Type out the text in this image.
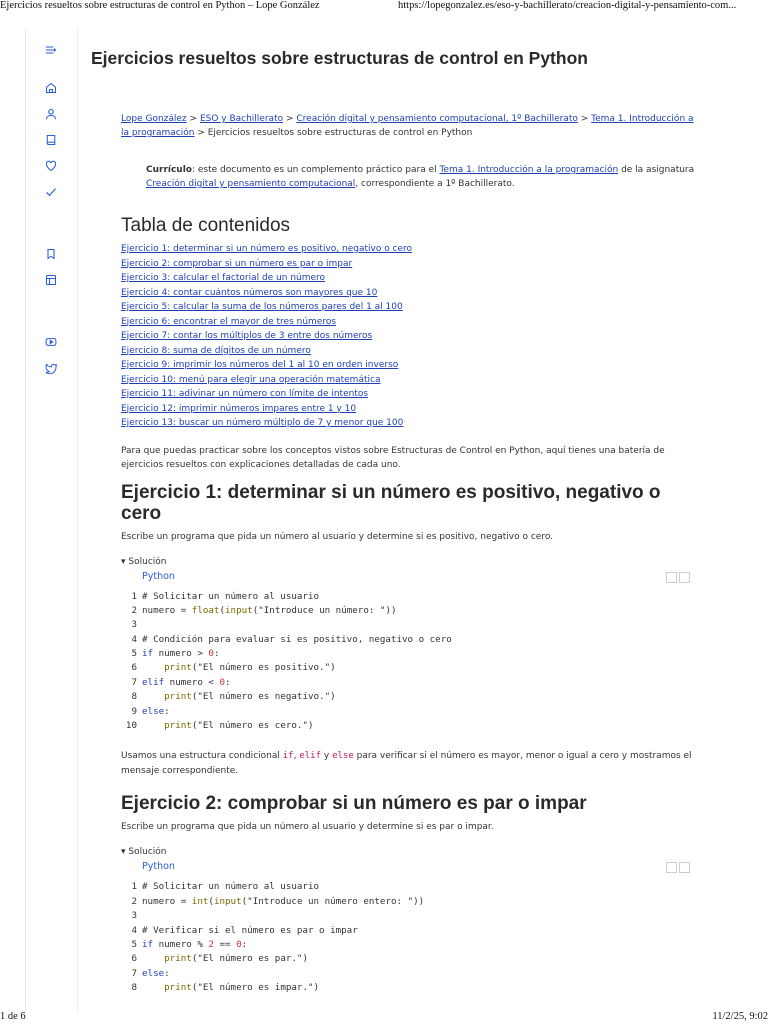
Ejercicios resueltos sobre estructuras de control en Python – Lope González	https://lopegonzalez.es/eso-y-bachillerato/creacion-digital-y-pensamiento-com...
Ejercicios resueltos sobre estructuras de control en Python
Lope González > ESO y Bachillerato > Creación digital y pensamiento computacional, 1º Bachillerato > Tema 1. Introducción a la programación > Ejercicios resueltos sobre estructuras de control en Python
Currículo: este documento es un complemento práctico para el Tema 1. Introducción a la programación de la asignatura Creación digital y pensamiento computacional, correspondiente a 1º Bachillerato.
Tabla de contenidos
Ejercicio 1: determinar si un número es positivo, negativo o cero
Ejercicio 2: comprobar si un número es par o impar
Ejercicio 3: calcular el factorial de un número
Ejercicio 4: contar cuántos números son mayores que 10
Ejercicio 5: calcular la suma de los números pares del 1 al 100
Ejercicio 6: encontrar el mayor de tres números
Ejercicio 7: contar los múltiplos de 3 entre dos números
Ejercicio 8: suma de dígitos de un número
Ejercicio 9: imprimir los números del 1 al 10 en orden inverso
Ejercicio 10: menú para elegir una operación matemática
Ejercicio 11: adivinar un número con límite de intentos
Ejercicio 12: imprimir números impares entre 1 y 10
Ejercicio 13: buscar un número múltiplo de 7 y menor que 100

Para que puedas practicar sobre los conceptos vistos sobre Estructuras de Control en Python, aquí tienes una batería de ejercicios resueltos con explicaciones detalladas de cada uno.

Ejercicio 1: determinar si un número es positivo, negativo o cero
Escribe un programa que pida un número al usuario y determine si es positivo, negativo o cero.
▾ Solución
Python
1 # Solicitar un número al usuario
2 numero = float(input("Introduce un número: "))
3
4 # Condición para evaluar si es positivo, negativo o cero
5 if numero > 0:
6	print("El número es positivo.")
7 elif numero < 0:
8	print("El número es negativo.")
9 else:
10	print("El número es cero.")
Usamos una estructura condicional if, elif y else para verificar si el número es mayor, menor o igual a cero y mostramos el mensaje correspondiente.
Ejercicio 2: comprobar si un número es par o impar
Escribe un programa que pida un número al usuario y determine si es par o impar.
▾ Solución
Python
1 # Solicitar un número al usuario
2 numero = int(input("Introduce un número entero: "))
3
4 # Verificar si el número es par o impar
5 if numero % 2 == 0:
6	print("El número es par.")
7 else:
8	print("El número es impar.")
1 de 6	11/2/25, 9:02
